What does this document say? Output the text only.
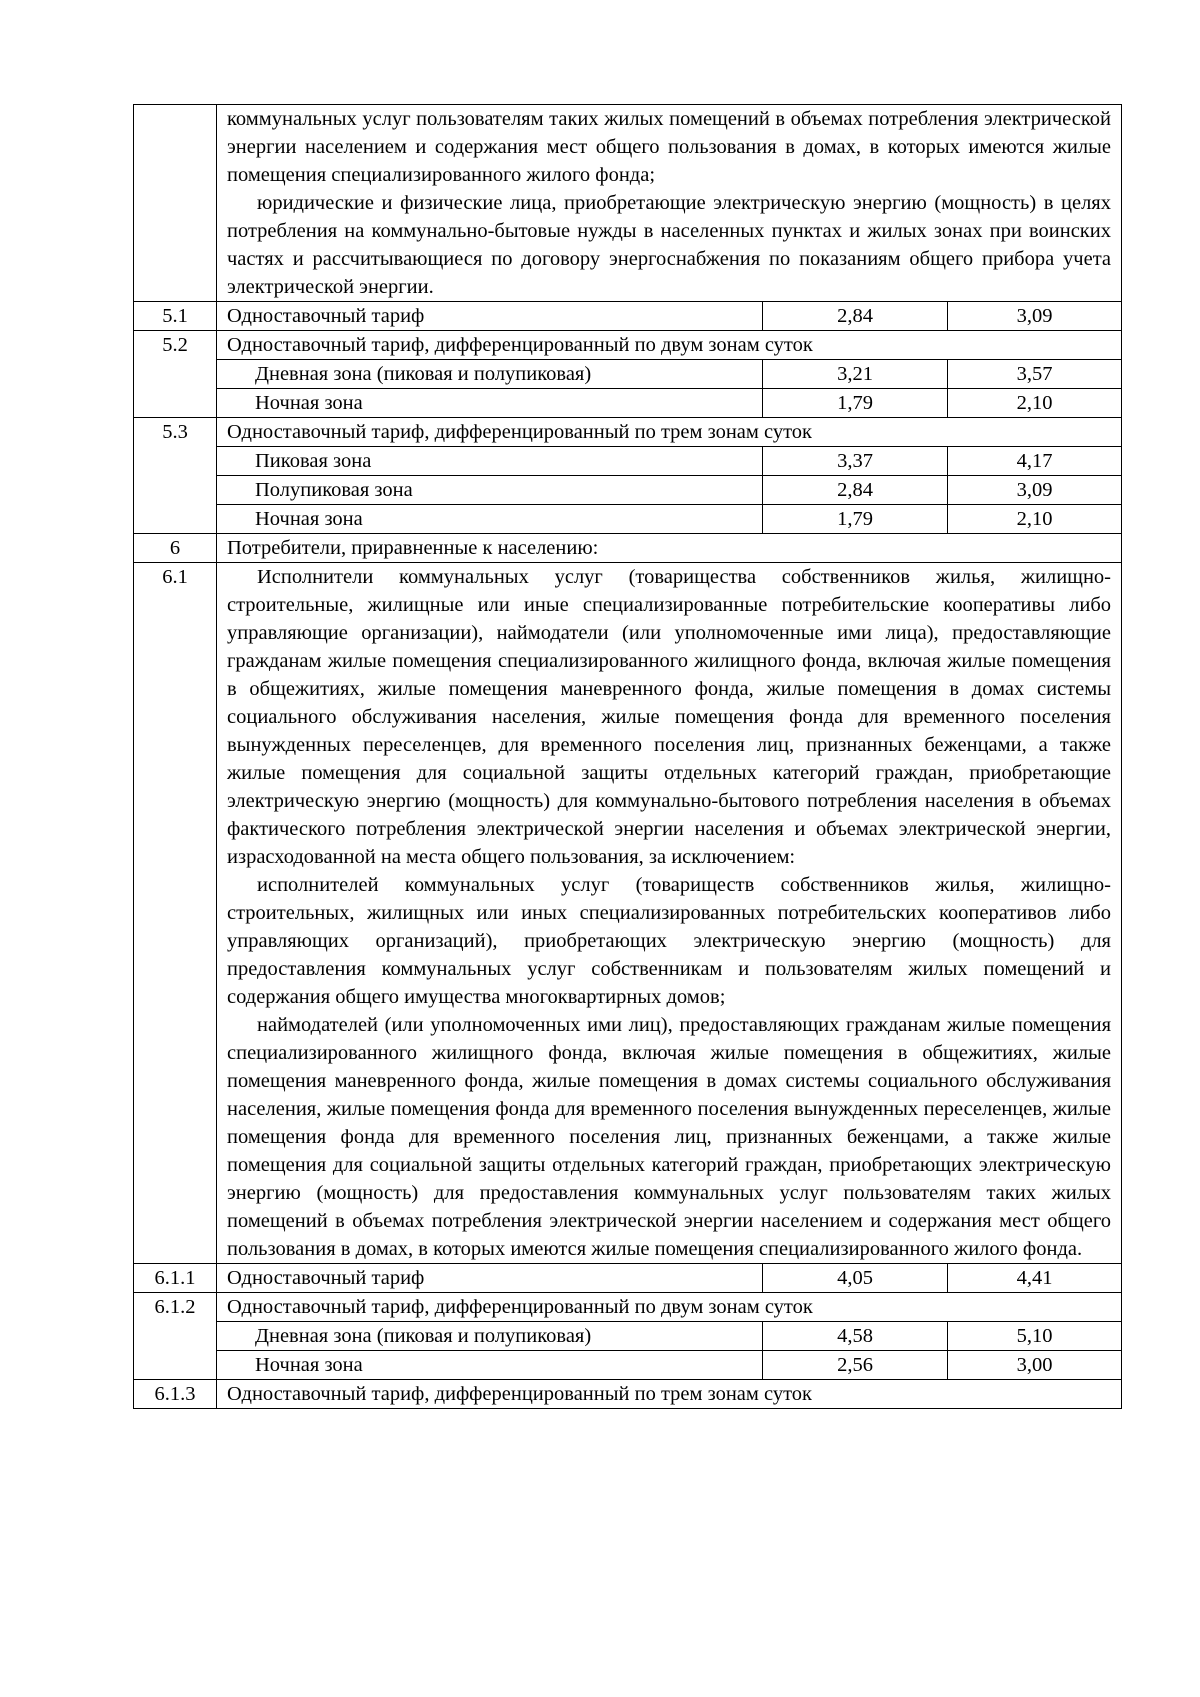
	коммунальных услуг пользователям таких жилых помещений в объемах потребления электрической энергии населением и содержания мест общего пользования в домах, в которых имеются жилые помещения специализированного жилого фонда;

юридические и физические лица, приобретающие электрическую энергию (мощность) в целях потребления на коммунально-бытовые нужды в населенных пунктах и жилых зонах при воинских частях и рассчитывающиеся по договору энергоснабжения по показаниям общего прибора учета электрической энергии.		

5.1	Одноставочный тариф	2,84	3,09
5.2	Одноставочный тариф, дифференцированный по двум зонам суток		
	Дневная зона (пиковая и полупиковая)	3,21	3,57
	Ночная зона	1,79	2,10
5.3	Одноставочный тариф, дифференцированный по трем зонам суток		
	Пиковая зона	3,37	4,17
	Полупиковая зона	2,84	3,09
	Ночная зона	1,79	2,10
6	Потребители, приравненные к населению:		
6.1	Исполнители коммунальных услуг (товарищества собственников жилья, жилищно-строительные, жилищные или иные специализированные потребительские кооперативы либо управляющие организации), наймодатели (или уполномоченные ими лица), предоставляющие гражданам жилые помещения специализированного жилищного фонда, включая жилые помещения в общежитиях, жилые помещения маневренного фонда, жилые помещения в домах системы социального обслуживания населения, жилые помещения фонда для временного поселения вынужденных переселенцев, для временного поселения лиц, признанных беженцами, а также жилые помещения для социальной защиты отдельных категорий граждан, приобретающие электрическую энергию (мощность) для коммунально-бытового потребления населения в объемах фактического потребления электрической энергии населения и объемах электрической энергии, израсходованной на места общего пользования, за исключением:

исполнителей коммунальных услуг (товариществ собственников жилья, жилищно-строительных, жилищных или иных специализированных потребительских кооперативов либо управляющих организаций), приобретающих электрическую энергию (мощность) для предоставления коммунальных услуг собственникам и пользователям жилых помещений и содержания общего имущества многоквартирных домов;

наймодателей (или уполномоченных ими лиц), предоставляющих гражданам жилые помещения специализированного жилищного фонда, включая жилые помещения в общежитиях, жилые помещения маневренного фонда, жилые помещения в домах системы социального обслуживания населения, жилые помещения фонда для временного поселения вынужденных переселенцев, жилые помещения фонда для временного поселения лиц, признанных беженцами, а также жилые помещения для социальной защиты отдельных категорий граждан, приобретающих электрическую энергию (мощность) для предоставления коммунальных услуг пользователям таких жилых помещений в объемах потребления электрической энергии населением и содержания мест общего пользования в домах, в которых имеются жилые помещения специализированного жилого фонда.		

6.1.1	Одноставочный тариф	4,05	4,41
6.1.2	Одноставочный тариф, дифференцированный по двум зонам суток		
	Дневная зона (пиковая и полупиковая)	4,58	5,10
	Ночная зона	2,56	3,00
6.1.3	Одноставочный тариф, дифференцированный по трем зонам суток		
